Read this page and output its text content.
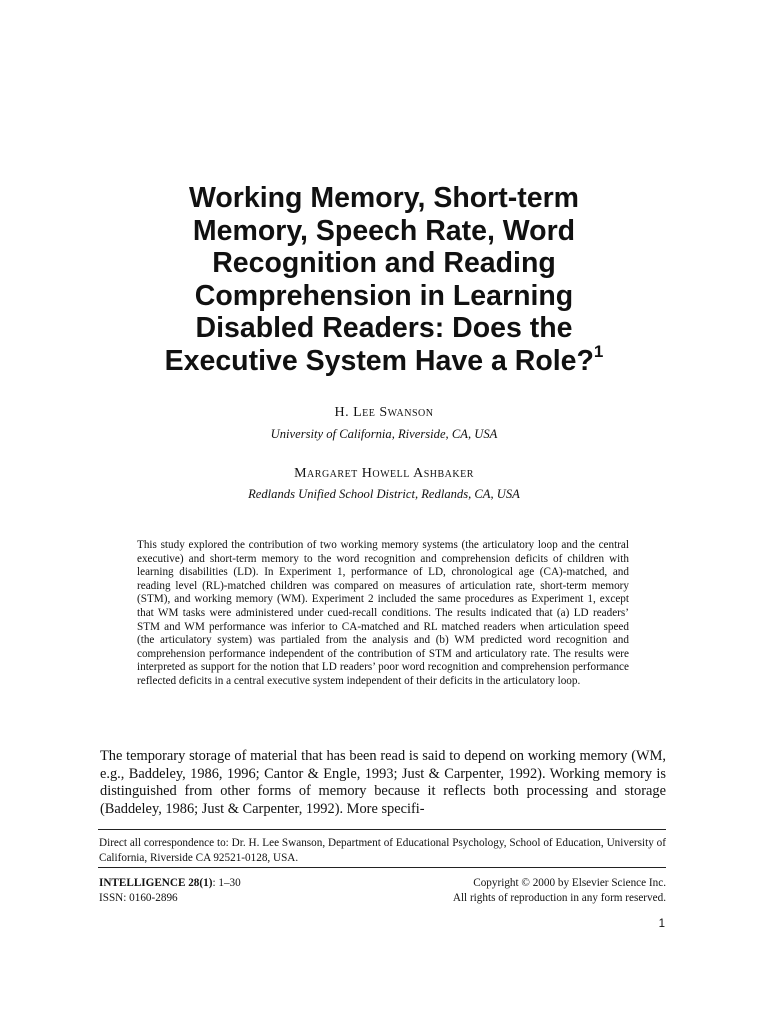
Working Memory, Short-term
Memory, Speech Rate, Word
Recognition and Reading
Comprehension in Learning
Disabled Readers: Does the
Executive System Have a Role?$^1$
H. Lee Swanson
University of California, Riverside, CA, USA
Margaret Howell Ashbaker
Redlands Unified School District, Redlands, CA, USA

This study explored the contribution of two working memory systems (the articulatory loop and the central executive) and short-term memory to the word recognition and comprehension deficits of children with learning disabilities (LD). In Experiment 1, performance of LD, chronological age (CA)-matched, and reading level (RL)-matched children was compared on measures of articulation rate, short-term memory (STM), and working memory (WM). Experiment 2 included the same procedures as Experiment 1, except that WM tasks were administered under cued-recall conditions. The results indicated that (a) LD readers’ STM and WM performance was inferior to CA-matched and RL matched readers when articulation speed (the articulatory system) was partialed from the analysis and (b) WM predicted word recognition and comprehension performance independent of the contribution of STM and articulatory rate. The results were interpreted as support for the notion that LD readers’ poor word recognition and comprehension performance reflected deficits in a central executive system independent of their deficits in the articulatory loop.

The temporary storage of material that has been read is said to depend on working memory (WM, e.g., Baddeley, 1986, 1996; Cantor & Engle, 1993; Just & Carpenter, 1992). Working memory is distinguished from other forms of memory because it reflects both processing and storage (Baddeley, 1986; Just & Carpenter, 1992). More specifi-

Direct all correspondence to: Dr. H. Lee Swanson, Department of Educational Psychology, School of Education, University of California, Riverside CA 92521-0128, USA.

INTELLIGENCE 28(1): 1–30
ISSN: 0160-2896
Copyright © 2000 by Elsevier Science Inc.
All rights of reproduction in any form reserved.
1
